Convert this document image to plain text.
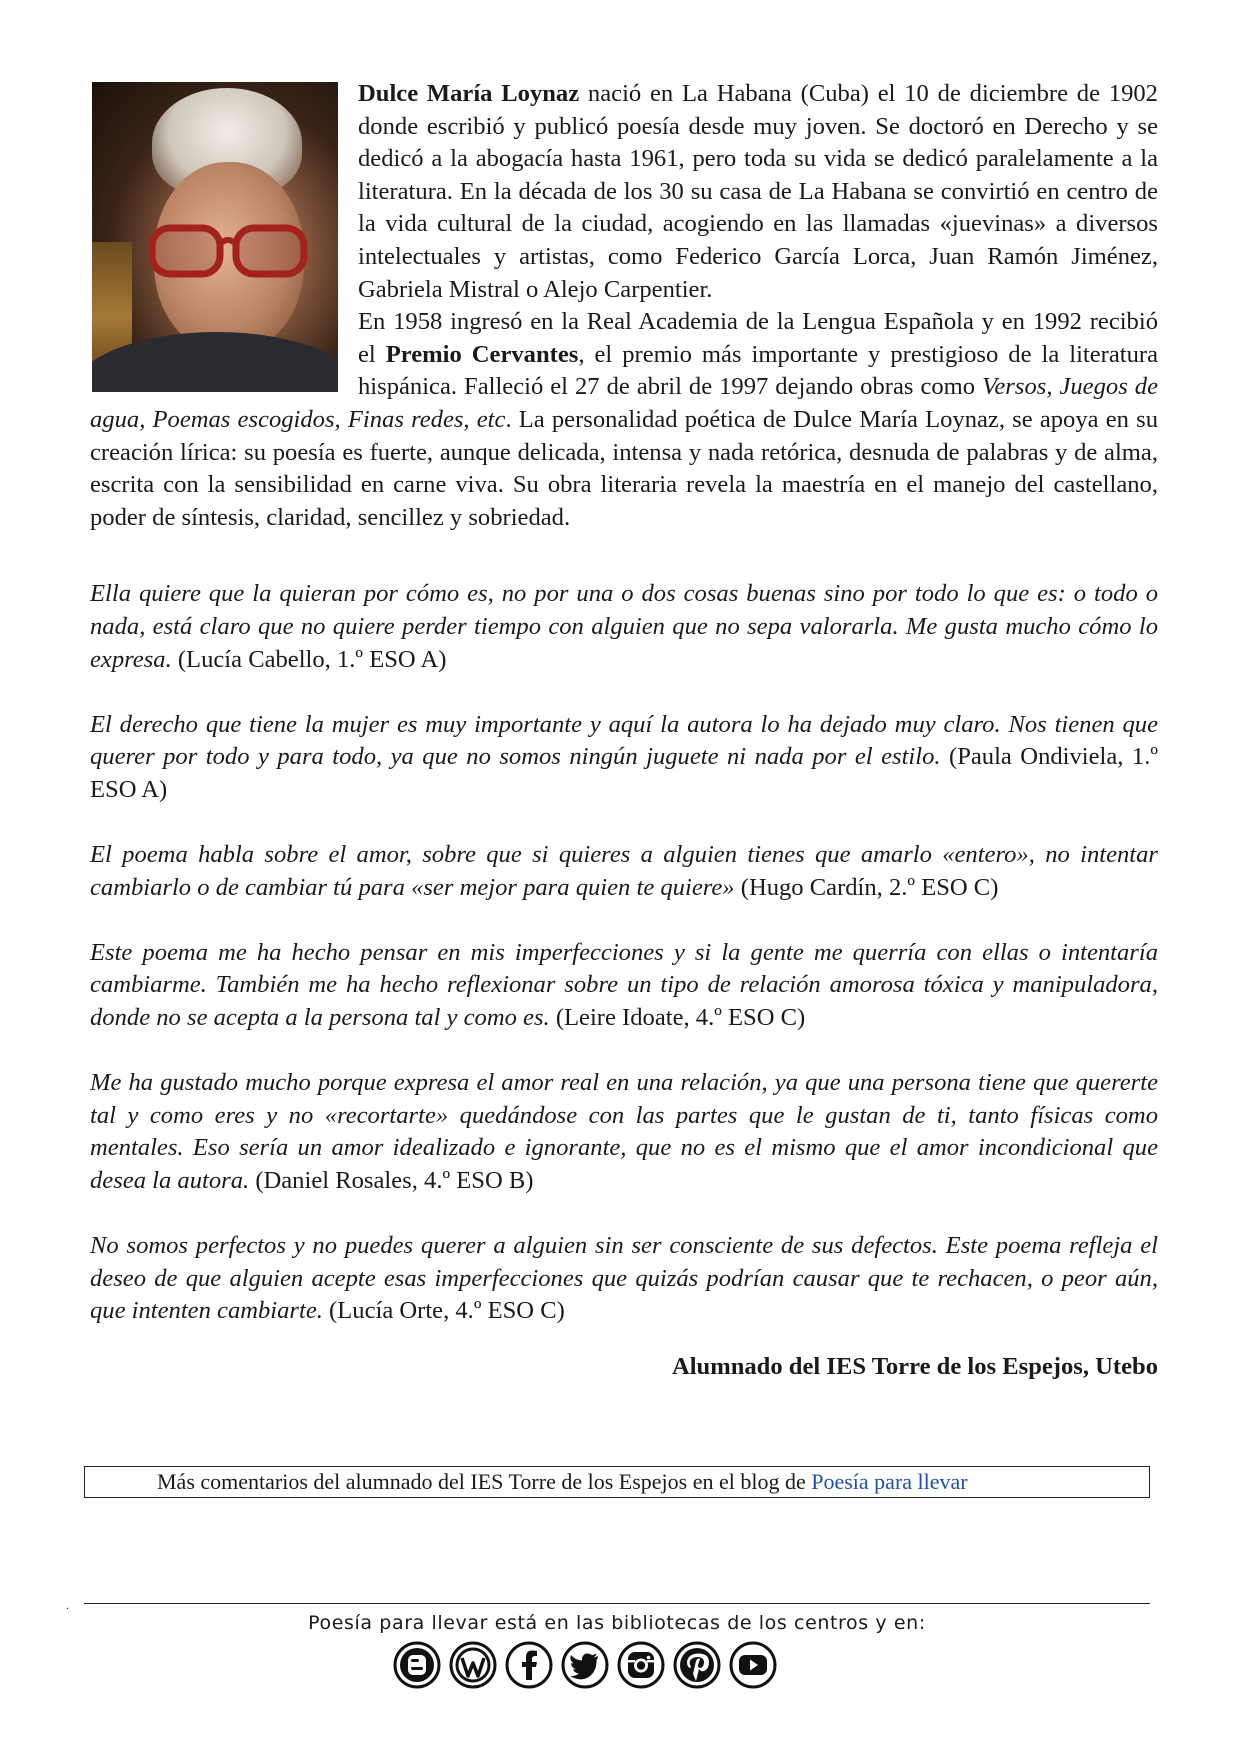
Dulce María Loynaz nació en La Habana (Cuba) el 10 de diciembre de 1902 donde escribió y publicó poesía desde muy joven. Se doctoró en Derecho y se dedicó a la abogacía hasta 1961, pero toda su vida se dedicó paralelamente a la literatura. En la década de los 30 su casa de La Habana se convirtió en centro de la vida cultural de la ciudad, acogiendo en las llamadas «juevinas» a diversos intelectuales y artistas, como Federico García Lorca, Juan Ramón Jiménez, Gabriela Mistral o Alejo Carpentier.

En 1958 ingresó en la Real Academia de la Lengua Española y en 1992 recibió el Premio Cervantes, el premio más importante y prestigioso de la literatura hispánica. Falleció el 27 de abril de 1997 dejando obras como Versos, Juegos de agua, Poemas escogidos, Finas redes, etc. La personalidad poética de Dulce María Loynaz, se apoya en su creación lírica: su poesía es fuerte, aunque delicada, intensa y nada retórica, desnuda de palabras y de alma, escrita con la sensibilidad en carne viva. Su obra literaria revela la maestría en el manejo del castellano, poder de síntesis, claridad, sencillez y sobriedad.

Ella quiere que la quieran por cómo es, no por una o dos cosas buenas sino por todo lo que es: o todo o nada, está claro que no quiere perder tiempo con alguien que no sepa valorarla. Me gusta mucho cómo lo expresa. (Lucía Cabello, 1.º ESO A)

El derecho que tiene la mujer es muy importante y aquí la autora lo ha dejado muy claro. Nos tienen que querer por todo y para todo, ya que no somos ningún juguete ni nada por el estilo. (Paula Ondiviela, 1.º ESO A)

El poema habla sobre el amor, sobre que si quieres a alguien tienes que amarlo «entero», no intentar cambiarlo o de cambiar tú para «ser mejor para quien te quiere» (Hugo Cardín, 2.º ESO C)

Este poema me ha hecho pensar en mis imperfecciones y si la gente me querría con ellas o intentaría cambiarme. También me ha hecho reflexionar sobre un tipo de relación amorosa tóxica y manipuladora, donde no se acepta a la persona tal y como es. (Leire Idoate, 4.º ESO C)

Me ha gustado mucho porque expresa el amor real en una relación, ya que una persona tiene que quererte tal y como eres y no «recortarte» quedándose con las partes que le gustan de ti, tanto físicas como mentales. Eso sería un amor idealizado e ignorante, que no es el mismo que el amor incondicional que desea la autora. (Daniel Rosales, 4.º ESO B)

No somos perfectos y no puedes querer a alguien sin ser consciente de sus defectos. Este poema refleja el deseo de que alguien acepte esas imperfecciones que quizás podrían causar que te rechacen, o peor aún, que intenten cambiarte. (Lucía Orte, 4.º ESO C)

Alumnado del IES Torre de los Espejos, Utebo
Más comentarios del alumnado del IES Torre de los Espejos en el blog de Poesía para llevar
.
Poesía para llevar está en las bibliotecas de los centros y en:
